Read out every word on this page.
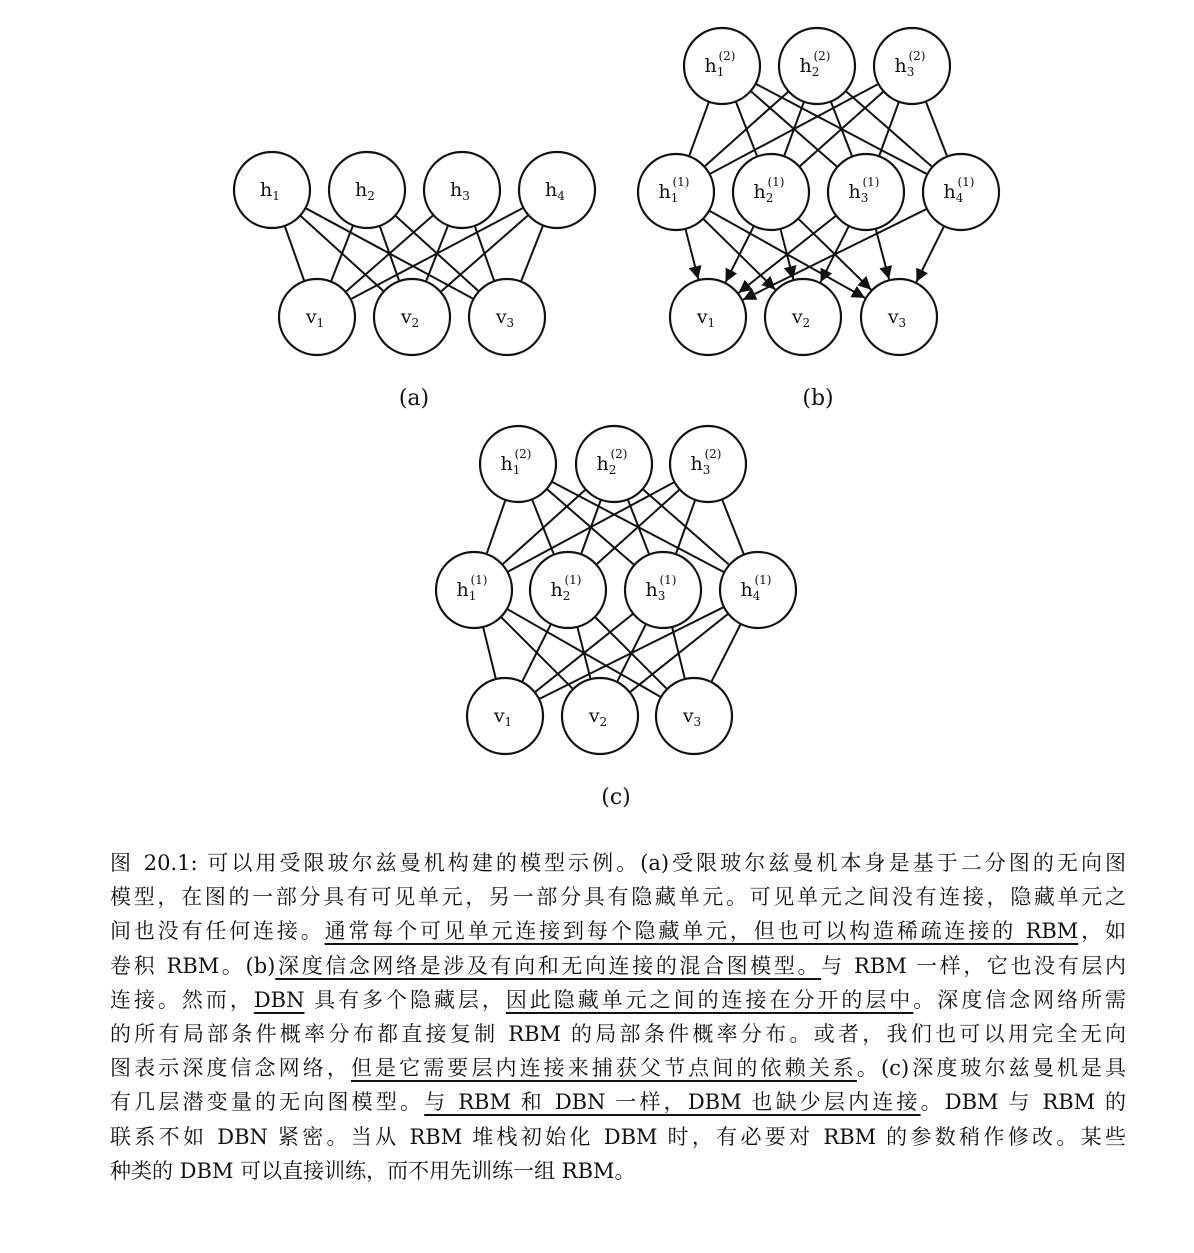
$h_1$	$h_2$	$h_3$	$h_4$
$v_1$	$v_2$	$v_3$
(a)
$h_1(2)$	$h_2(2)$	$h_3(2)$
$h_1(1)$	$h_2(1)$	$h_3(1)$	$h_4(1)$
$v_1$	$v_2$	$v_3$
(b)
$h_1(2)$	$h_2(2)$	$h_3(2)$
$h_1(1)$	$h_2(1)$	$h_3(1)$	$h_4(1)$
$v_1$	$v_2$	$v_3$
(c)
图 20.1: 可以用受限玻尔兹曼机构建的模型示例。(a)受限玻尔兹曼机本身是基于二分图的无向图
模型，在图的一部分具有可见单元，另一部分具有隐藏单元。可见单元之间没有连接，隐藏单元之
间也没有任何连接。通常每个可见单元连接到每个隐藏单元，但也可以构造稀疏连接的 RBM，如
卷积 RBM。(b)深度信念网络是涉及有向和无向连接的混合图模型。与 RBM 一样，它也没有层内
连接。然而，DBN 具有多个隐藏层，因此隐藏单元之间的连接在分开的层中。深度信念网络所需
的所有局部条件概率分布都直接复制 RBM 的局部条件概率分布。或者，我们也可以用完全无向
图表示深度信念网络，但是它需要层内连接来捕获父节点间的依赖关系。(c)深度玻尔兹曼机是具
有几层潜变量的无向图模型。与 RBM 和 DBN 一样，DBM 也缺少层内连接。DBM 与 RBM 的
联系不如 DBN 紧密。当从 RBM 堆栈初始化 DBM 时，有必要对 RBM 的参数稍作修改。某些
种类的 DBM 可以直接训练，而不用先训练一组 RBM。
